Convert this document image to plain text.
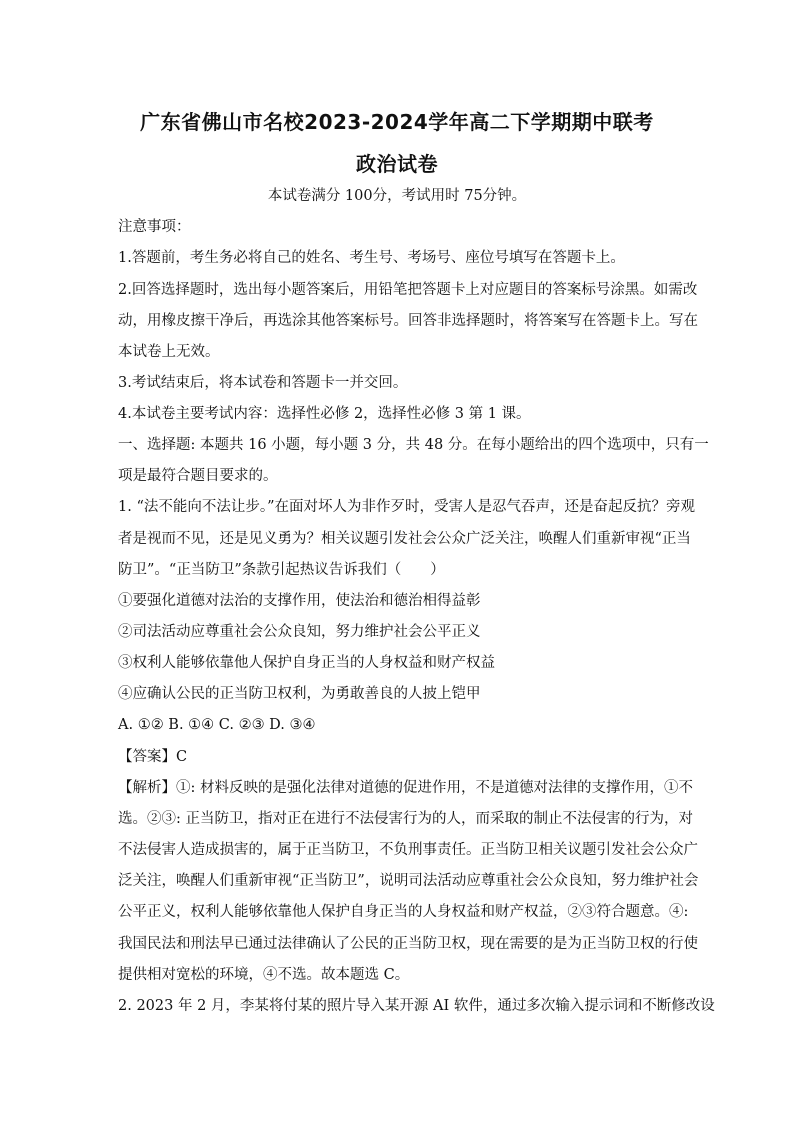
广东省佛山市名校2023-2024学年高二下学期期中联考
政治试卷
本试卷满分 100分，考试用时 75分钟。
注意事项：
1.答题前，考生务必将自己的姓名、考生号、考场号、座位号填写在答题卡上。
2.回答选择题时，选出每小题答案后，用铅笔把答题卡上对应题目的答案标号涂黑。如需改
动，用橡皮擦干净后，再选涂其他答案标号。回答非选择题时，将答案写在答题卡上。写在
本试卷上无效。
3.考试结束后，将本试卷和答题卡一并交回。
4.本试卷主要考试内容：选择性必修 2，选择性必修 3 第 1 课。
一、选择题: 本题共 16 小题，每小题 3 分，共 48 分。在每小题给出的四个选项中，只有一
项是最符合题目要求的。
1. “法不能向不法让步。”在面对坏人为非作歹时，受害人是忍气吞声，还是奋起反抗？旁观
者是视而不见，还是见义勇为？相关议题引发社会公众广泛关注，唤醒人们重新审视“正当
防卫”。“正当防卫”条款引起热议告诉我们（　　）
①要强化道德对法治的支撑作用，使法治和德治相得益彰
②司法活动应尊重社会公众良知，努力维护社会公平正义
③权利人能够依靠他人保护自身正当的人身权益和财产权益
④应确认公民的正当防卫权利，为勇敢善良的人披上铠甲
A. ①② B. ①④ C. ②③ D. ③④
【答案】C
【解析】①: 材料反映的是强化法律对道德的促进作用，不是道德对法律的支撑作用，①不
选。②③: 正当防卫，指对正在进行不法侵害行为的人，而采取的制止不法侵害的行为，对
不法侵害人造成损害的，属于正当防卫，不负刑事责任。正当防卫相关议题引发社会公众广
泛关注，唤醒人们重新审视“正当防卫”，说明司法活动应尊重社会公众良知，努力维护社会
公平正义，权利人能够依靠他人保护自身正当的人身权益和财产权益，②③符合题意。④:
我国民法和刑法早已通过法律确认了公民的正当防卫权，现在需要的是为正当防卫权的行使
提供相对宽松的环境，④不选。故本题选 C。
2. 2023 年 2 月，李某将付某的照片导入某开源 AI 软件，通过多次输入提示词和不断修改设
